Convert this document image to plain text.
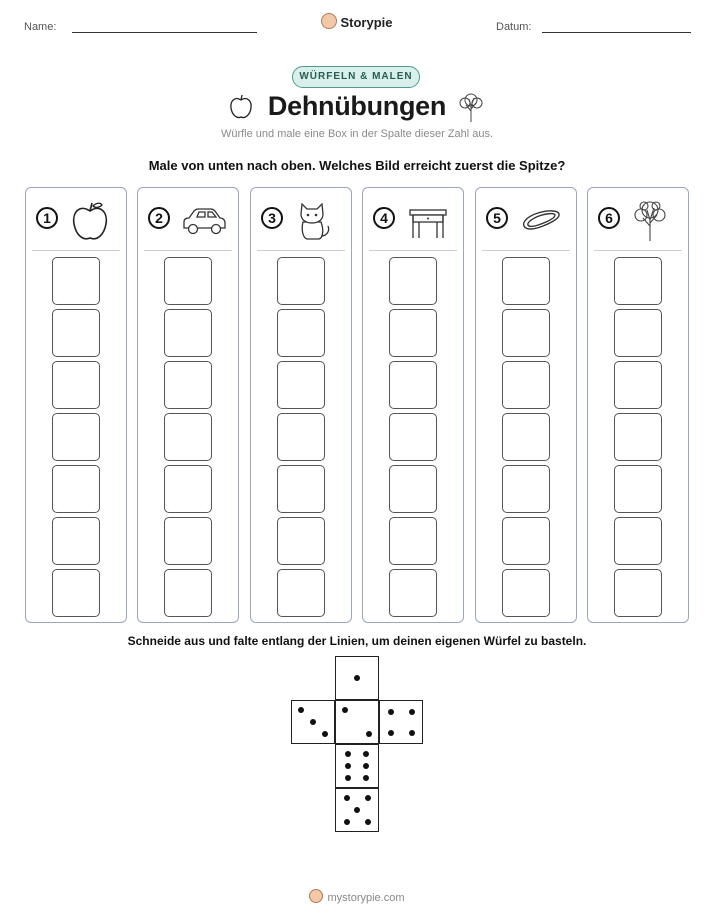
Name:	Storypie	Datum:
WÜRFELN & MALEN
Dehnübungen
Würfle und male eine Box in der Spalte dieser Zahl aus.
Male von unten nach oben. Welches Bild erreicht zuerst die Spitze?
1	2	3	4	5	6
Schneide aus und falte entlang der Linien, um deinen eigenen Würfel zu basteln.
mystorypie.com
